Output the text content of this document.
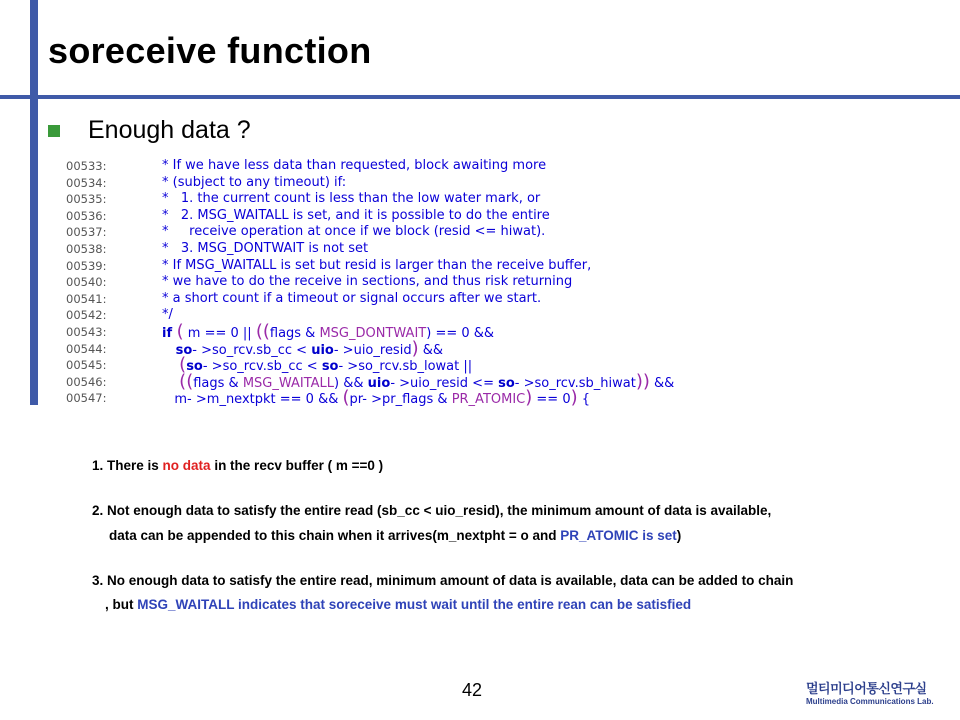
soreceive function
Enough data ?
00533:	* If we have less data than requested, block awaiting more
00534:	* (subject to any timeout) if:
00535:	*   1. the current count is less than the low water mark, or
00536:	*   2. MSG_WAITALL is set, and it is possible to do the entire
00537:	*     receive operation at once if we block (resid <= hiwat).
00538:	*   3. MSG_DONTWAIT is not set
00539:	* If MSG_WAITALL is set but resid is larger than the receive buffer,
00540:	* we have to do the receive in sections, and thus risk returning
00541:	* a short count if a timeout or signal occurs after we start.
00542:	*/
00543:	if ( m == 0 || ((flags & MSG_DONTWAIT) == 0 &&
00544:	so- >so_rcv.sb_cc < uio- >uio_resid) &&
00545:	(so- >so_rcv.sb_cc < so- >so_rcv.sb_lowat ||
00546:	((flags & MSG_WAITALL) && uio- >uio_resid <= so- >so_rcv.sb_hiwat)) &&
00547:	m- >m_nextpkt == 0 && (pr- >pr_flags & PR_ATOMIC) == 0) {
1. There is no data in the recv buffer ( m ==0 )
2. Not enough data to satisfy the entire read (sb_cc < uio_resid), the minimum amount of data is available,
data can be appended to this chain when it arrives(m_nextpht = o and PR_ATOMIC is set)
3. No enough data to satisfy the entire read, minimum amount of data is available, data can be added to chain
, but MSG_WAITALL indicates that soreceive must wait until the entire rean can be satisfied
42	멀티미디어통신연구실
Multimedia Communications Lab.
